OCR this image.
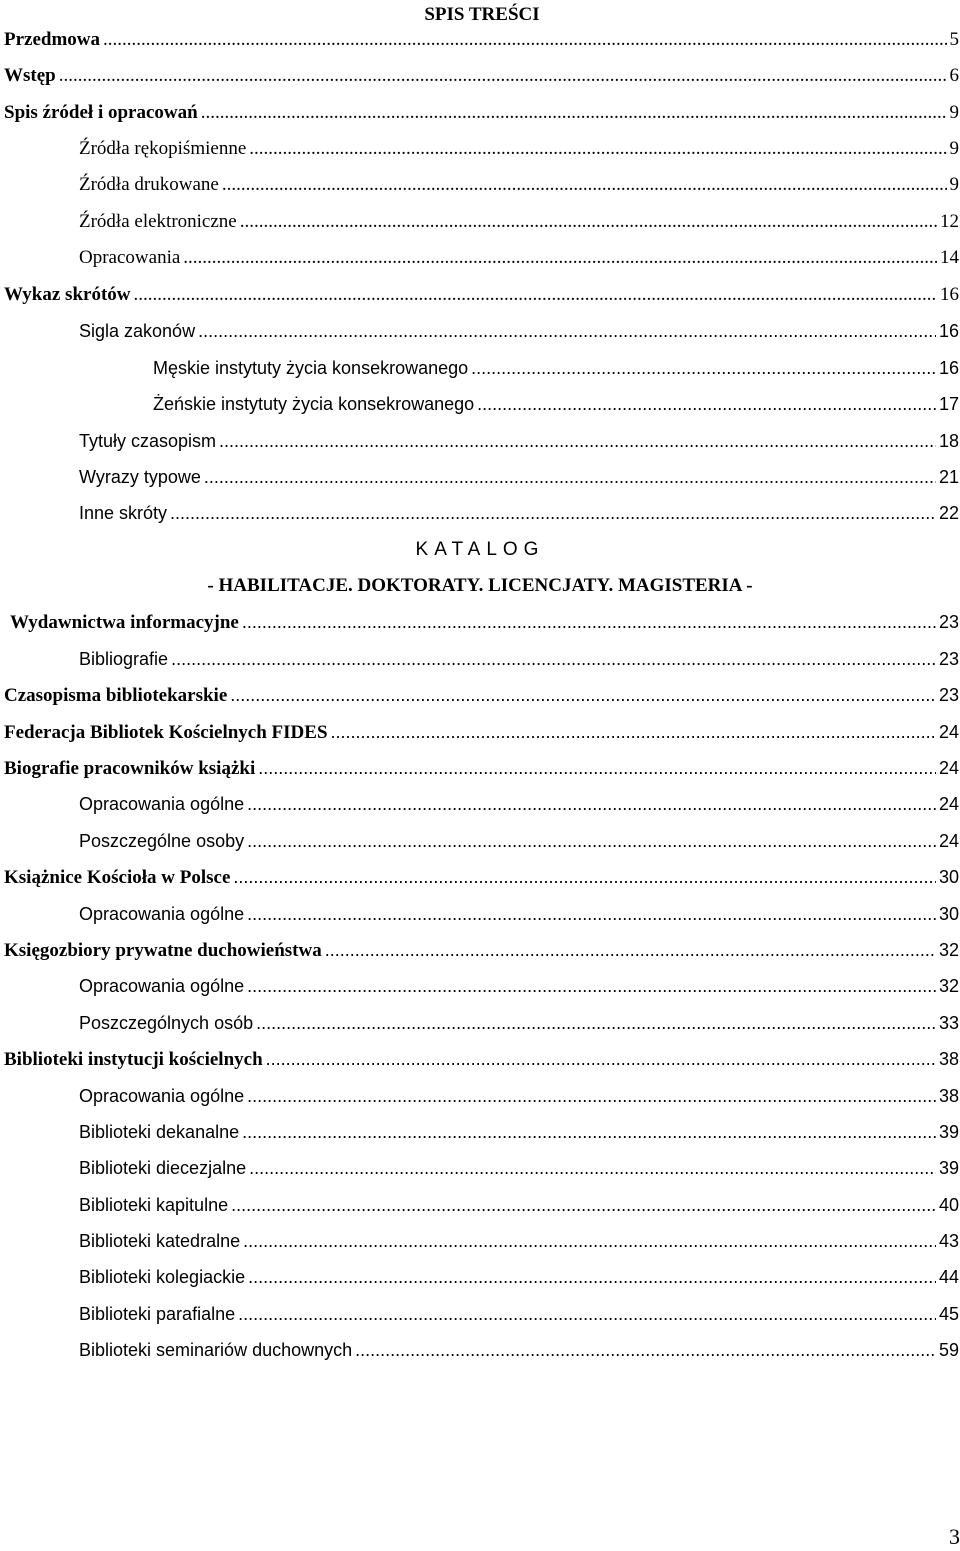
SPIS TREŚCI
Przedmowa .....	5
Wstęp .....	6
Spis źródeł i opracowań .....	9
Źródła rękopiśmienne .....	9
Źródła drukowane .....	9
Źródła elektroniczne .....	12
Opracowania .....	14
Wykaz skrótów .....	16
Sigla zakonów .....	16
Męskie instytuty życia konsekrowanego .....	16
Żeńskie instytuty życia konsekrowanego .....	17
Tytuły czasopism .....	18
Wyrazy typowe .....	21
Inne skróty .....	22
KATALOG
- HABILITACJE. DOKTORATY. LICENCJATY. MAGISTERIA -
Wydawnictwa informacyjne .....	23
Bibliografie .....	23
Czasopisma bibliotekarskie .....	23
Federacja Bibliotek Kościelnych FIDES .....	24
Biografie pracowników książki .....	24
Opracowania ogólne .....	24
Poszczególne osoby .....	24
Książnice Kościoła w Polsce .....	30
Opracowania ogólne .....	30
Księgozbiory prywatne duchowieństwa .....	32
Opracowania ogólne .....	32
Poszczególnych osób .....	33
Biblioteki instytucji kościelnych .....	38
Opracowania ogólne .....	38
Biblioteki dekanalne .....	39
Biblioteki diecezjalne .....	39
Biblioteki kapitulne .....	40
Biblioteki katedralne .....	43
Biblioteki kolegiackie .....	44
Biblioteki parafialne .....	45
Biblioteki seminariów duchownych .....	59
3
